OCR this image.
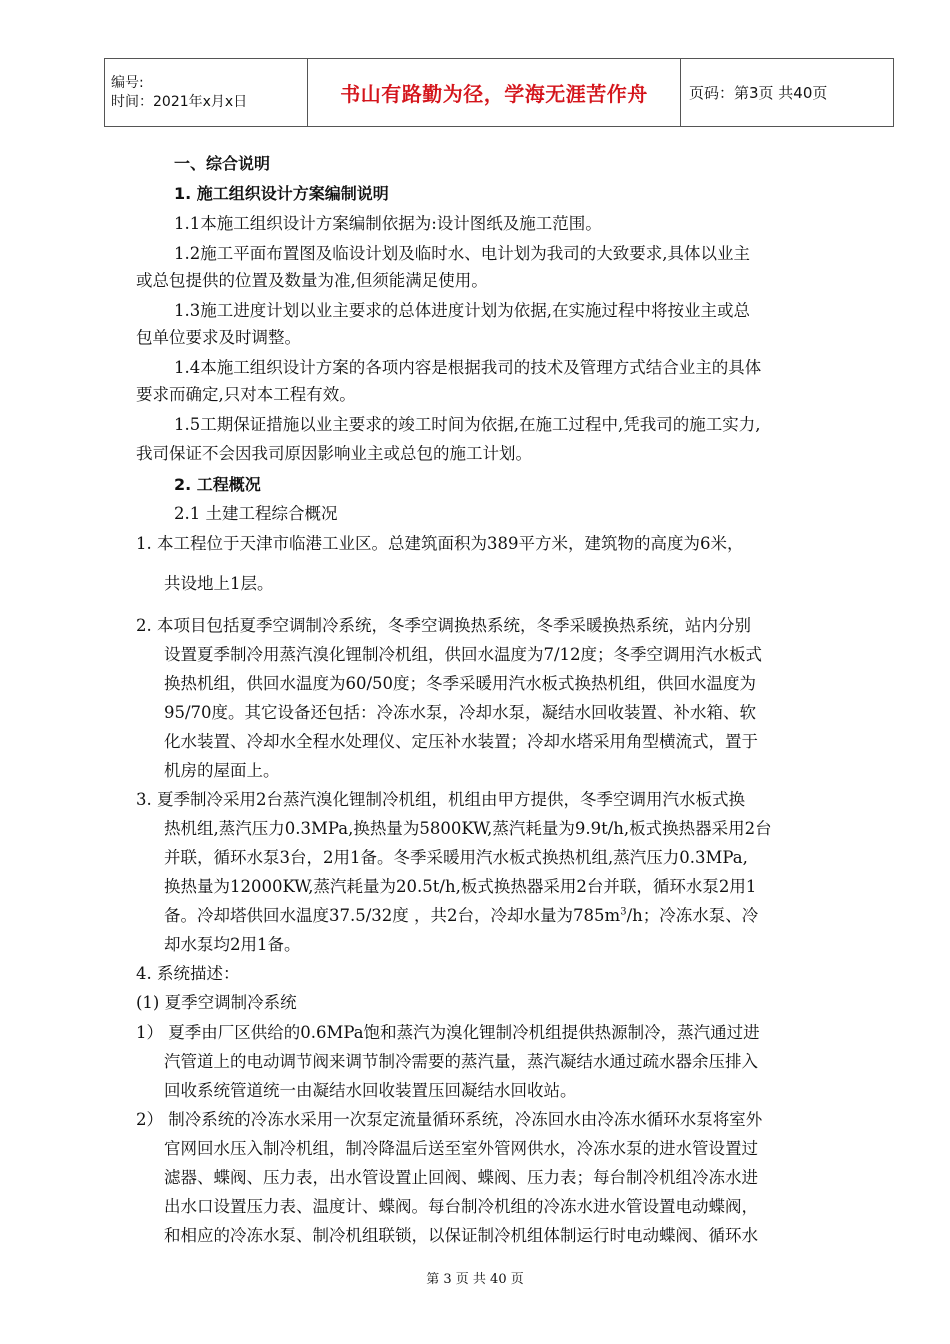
编号:
时间：2021年x月x日	书山有路勤为径，学海无涯苦作舟	页码：第3页 共40页
一、综合说明
1. 施工组织设计方案编制说明
1.1本施工组织设计方案编制依据为:设计图纸及施工范围。
1.2施工平面布置图及临设计划及临时水、电计划为我司的大致要求,具体以业主
或总包提供的位置及数量为准,但须能满足使用。
1.3施工进度计划以业主要求的总体进度计划为依据,在实施过程中将按业主或总
包单位要求及时调整。
1.4本施工组织设计方案的各项内容是根据我司的技术及管理方式结合业主的具体
要求而确定,只对本工程有效。
1.5工期保证措施以业主要求的竣工时间为依据,在施工过程中,凭我司的施工实力,
我司保证不会因我司原因影响业主或总包的施工计划。
2. 工程概况
2.1 土建工程综合概况
1. 本工程位于天津市临港工业区。总建筑面积为389平方米，建筑物的高度为6米，
共设地上1层。
2. 本项目包括夏季空调制冷系统，冬季空调换热系统，冬季采暖换热系统，站内分别
设置夏季制冷用蒸汽溴化锂制冷机组，供回水温度为7/12度；冬季空调用汽水板式
换热机组，供回水温度为60/50度；冬季采暖用汽水板式换热机组，供回水温度为
95/70度。其它设备还包括：冷冻水泵，冷却水泵，凝结水回收装置、补水箱、软
化水装置、冷却水全程水处理仪、定压补水装置；冷却水塔采用角型横流式，置于
机房的屋面上。
3. 夏季制冷采用2台蒸汽溴化锂制冷机组，机组由甲方提供，冬季空调用汽水板式换
热机组,蒸汽压力0.3MPa,换热量为5800KW,蒸汽耗量为9.9t/h,板式换热器采用2台
并联，循环水泵3台，2用1备。冬季采暖用汽水板式换热机组,蒸汽压力0.3MPa,
换热量为12000KW,蒸汽耗量为20.5t/h,板式换热器采用2台并联，循环水泵2用1
备。冷却塔供回水温度37.5/32度 ，共2台，冷却水量为$785m^3/h$；冷冻水泵、冷
却水泵均2用1备。
4. 系统描述：
(1) 夏季空调制冷系统
1） 夏季由厂区供给的0.6MPa饱和蒸汽为溴化锂制冷机组提供热源制冷，蒸汽通过进
汽管道上的电动调节阀来调节制冷需要的蒸汽量，蒸汽凝结水通过疏水器余压排入
回收系统管道统一由凝结水回收装置压回凝结水回收站。
2） 制冷系统的冷冻水采用一次泵定流量循环系统，冷冻回水由冷冻水循环水泵将室外
官网回水压入制冷机组，制冷降温后送至室外管网供水，冷冻水泵的进水管设置过
滤器、蝶阀、压力表，出水管设置止回阀、蝶阀、压力表；每台制冷机组冷冻水进
出水口设置压力表、温度计、蝶阀。每台制冷机组的冷冻水进水管设置电动蝶阀，
和相应的冷冻水泵、制冷机组联锁，以保证制冷机组体制运行时电动蝶阀、循环水
第 3 页 共 40 页
